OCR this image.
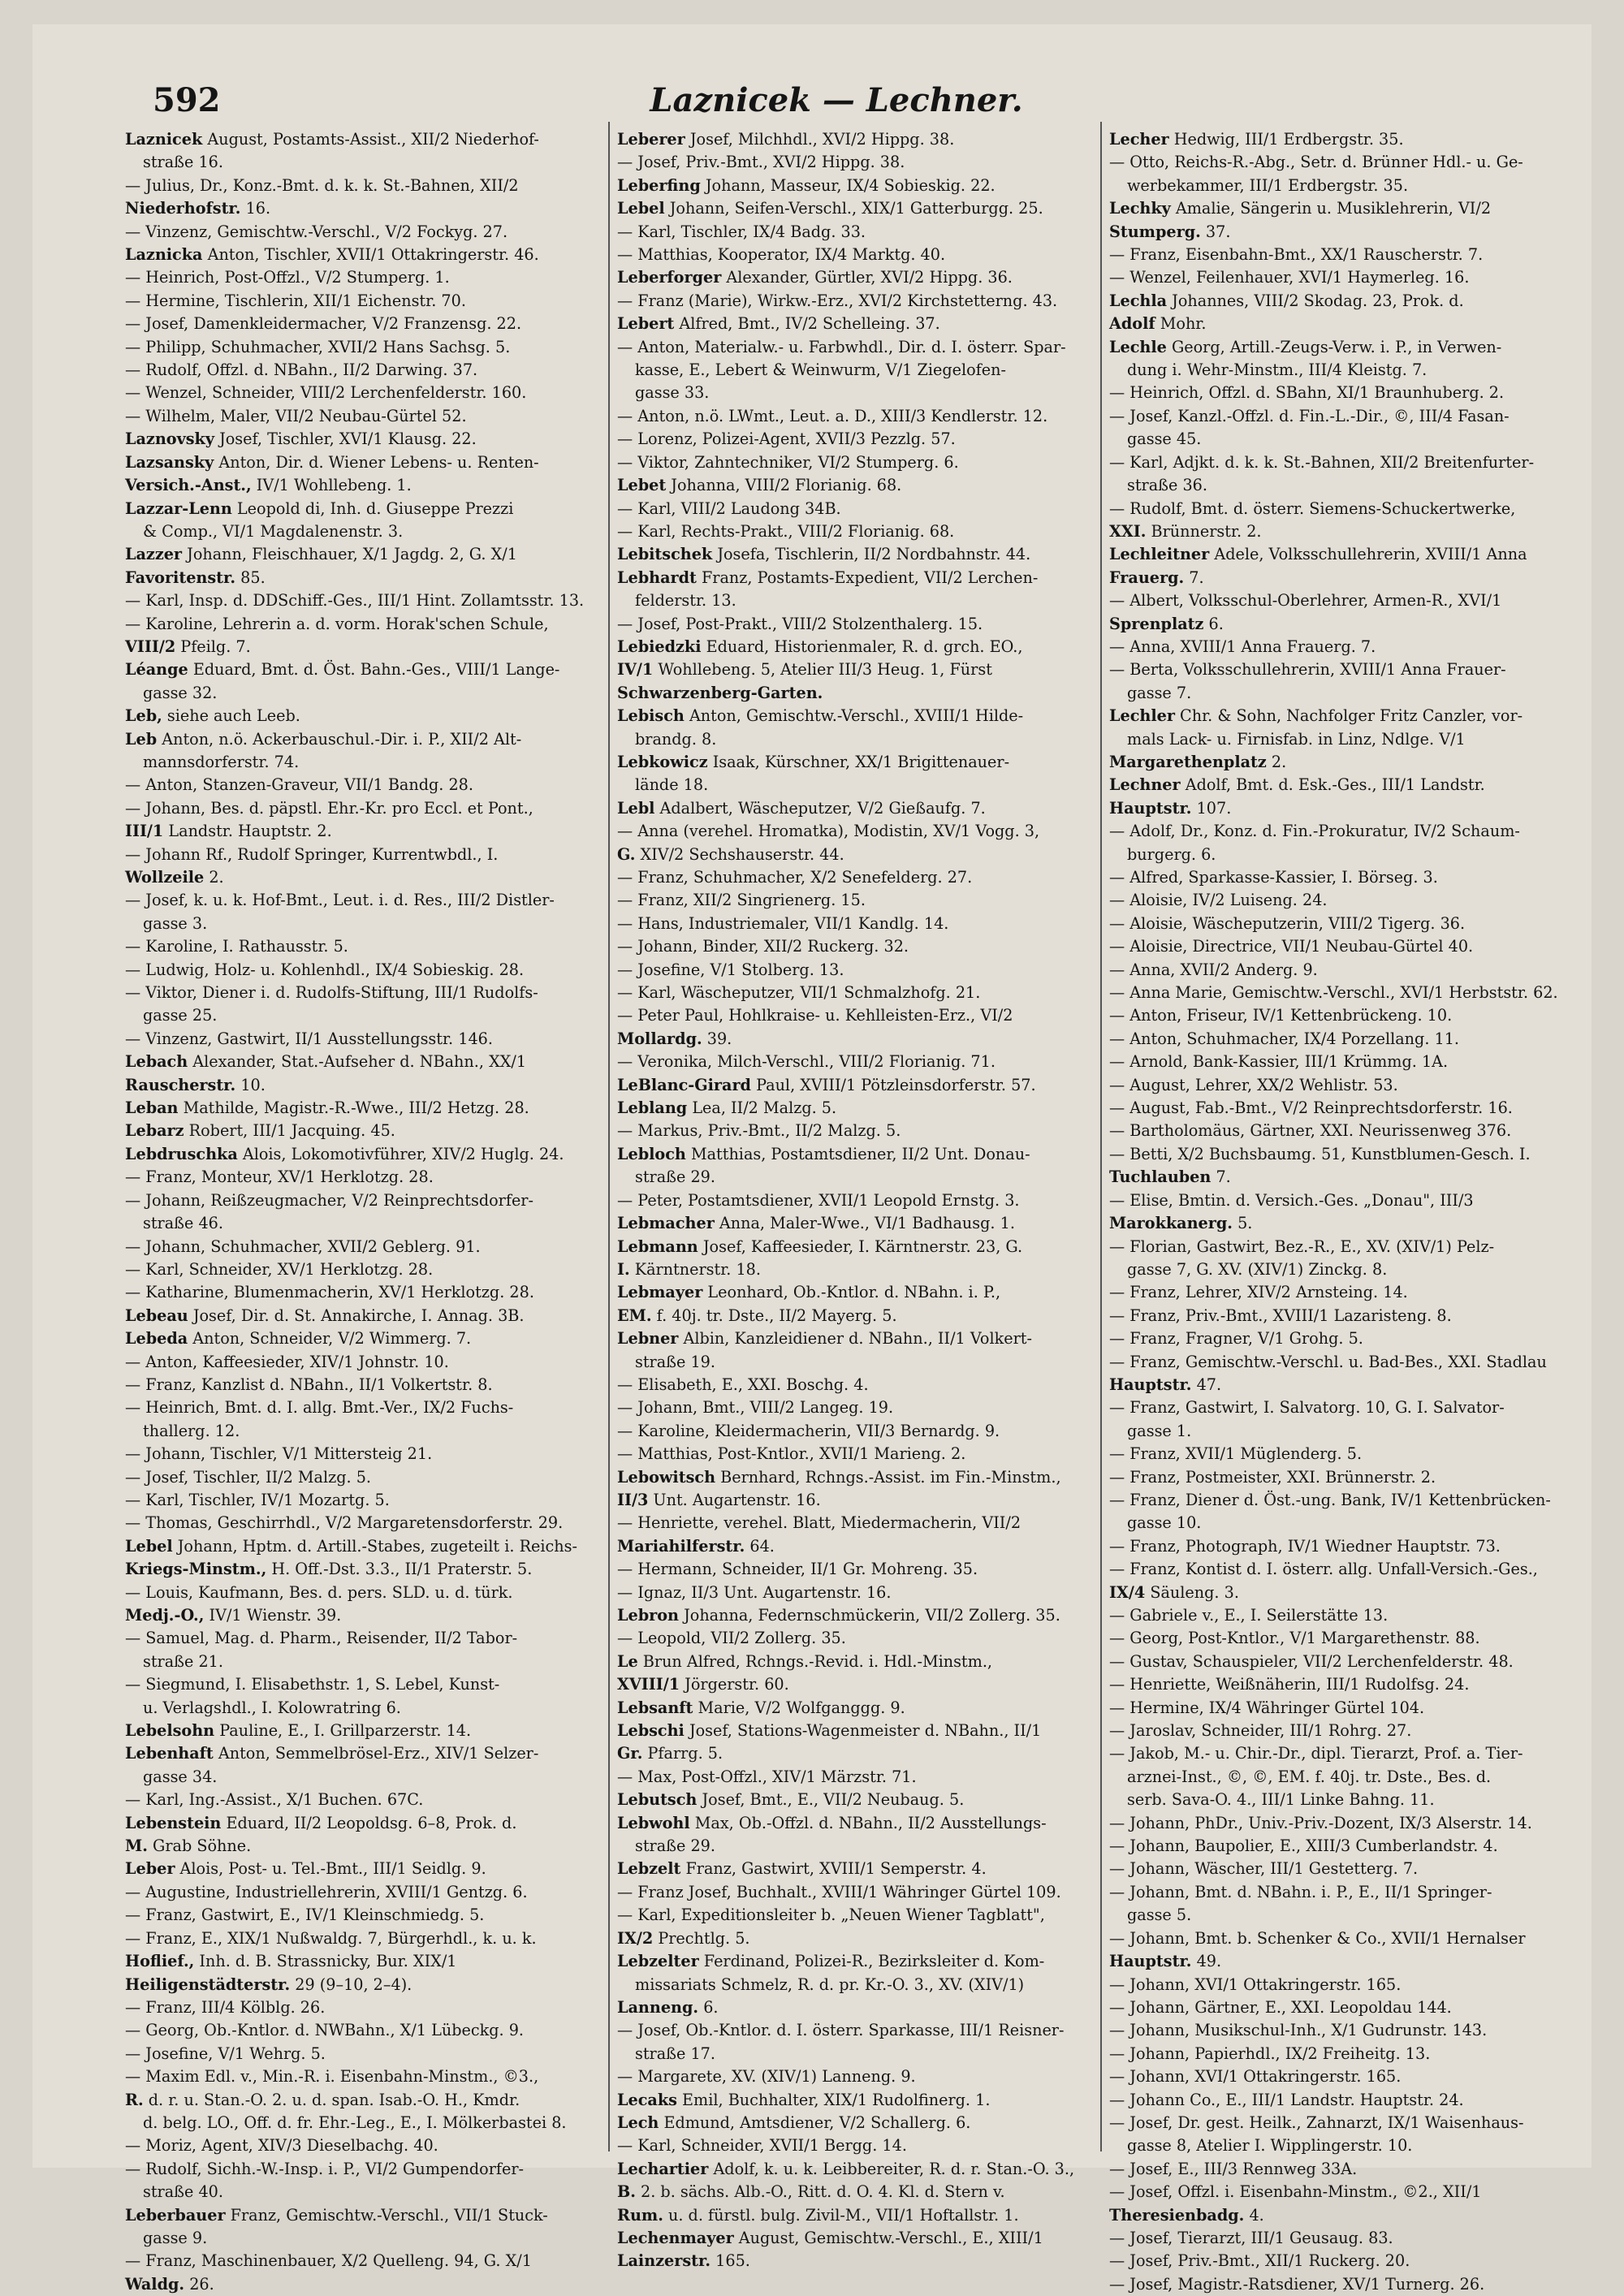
592	Laznicek — Lechner.
Laznicek August, Postamts-Assist., XII/2 Niederhof-
straße 16.
— Julius, Dr., Konz.-Bmt. d. k. k. St.-Bahnen, XII/2
Niederhofstr. 16.
— Vinzenz, Gemischtw.-Verschl., V/2 Fockyg. 27.
Laznicka Anton, Tischler, XVII/1 Ottakringerstr. 46.
— Heinrich, Post-Offzl., V/2 Stumperg. 1.
— Hermine, Tischlerin, XII/1 Eichenstr. 70.
— Josef, Damenkleidermacher, V/2 Franzensg. 22.
— Philipp, Schuhmacher, XVII/2 Hans Sachsg. 5.
— Rudolf, Offzl. d. NBahn., II/2 Darwing. 37.
— Wenzel, Schneider, VIII/2 Lerchenfelderstr. 160.
— Wilhelm, Maler, VII/2 Neubau-Gürtel 52.
Laznovsky Josef, Tischler, XVI/1 Klausg. 22.
Lazsansky Anton, Dir. d. Wiener Lebens- u. Renten-
Versich.-Anst., IV/1 Wohllebeng. 1.
Lazzar-Lenn Leopold di, Inh. d. Giuseppe Prezzi
& Comp., VI/1 Magdalenenstr. 3.
Lazzer Johann, Fleischhauer, X/1 Jagdg. 2, G. X/1
Favoritenstr. 85.
— Karl, Insp. d. DDSchiff.-Ges., III/1 Hint. Zollamtsstr. 13.
— Karoline, Lehrerin a. d. vorm. Horak'schen Schule,
VIII/2 Pfeilg. 7.
Léange Eduard, Bmt. d. Öst. Bahn.-Ges., VIII/1 Lange-
gasse 32.
Leb, siehe auch Leeb.
Leb Anton, n.ö. Ackerbauschul.-Dir. i. P., XII/2 Alt-
mannsdorferstr. 74.
— Anton, Stanzen-Graveur, VII/1 Bandg. 28.
— Johann, Bes. d. päpstl. Ehr.-Kr. pro Eccl. et Pont.,
III/1 Landstr. Hauptstr. 2.
— Johann Rf., Rudolf Springer, Kurrentwbdl., I.
Wollzeile 2.
— Josef, k. u. k. Hof-Bmt., Leut. i. d. Res., III/2 Distler-
gasse 3.
— Karoline, I. Rathausstr. 5.
— Ludwig, Holz- u. Kohlenhdl., IX/4 Sobieskig. 28.
— Viktor, Diener i. d. Rudolfs-Stiftung, III/1 Rudolfs-
gasse 25.
— Vinzenz, Gastwirt, II/1 Ausstellungsstr. 146.
Lebach Alexander, Stat.-Aufseher d. NBahn., XX/1
Rauscherstr. 10.
Leban Mathilde, Magistr.-R.-Wwe., III/2 Hetzg. 28.
Lebarz Robert, III/1 Jacquing. 45.
Lebdruschka Alois, Lokomotivführer, XIV/2 Huglg. 24.
— Franz, Monteur, XV/1 Herklotzg. 28.
— Johann, Reißzeugmacher, V/2 Reinprechtsdorfer-
straße 46.
— Johann, Schuhmacher, XVII/2 Geblerg. 91.
— Karl, Schneider, XV/1 Herklotzg. 28.
— Katharine, Blumenmacherin, XV/1 Herklotzg. 28.
Lebeau Josef, Dir. d. St. Annakirche, I. Annag. 3B.
Lebeda Anton, Schneider, V/2 Wimmerg. 7.
— Anton, Kaffeesieder, XIV/1 Johnstr. 10.
— Franz, Kanzlist d. NBahn., II/1 Volkertstr. 8.
— Heinrich, Bmt. d. I. allg. Bmt.-Ver., IX/2 Fuchs-
thallerg. 12.
— Johann, Tischler, V/1 Mittersteig 21.
— Josef, Tischler, II/2 Malzg. 5.
— Karl, Tischler, IV/1 Mozartg. 5.
— Thomas, Geschirrhdl., V/2 Margaretensdorferstr. 29.
Lebel Johann, Hptm. d. Artill.-Stabes, zugeteilt i. Reichs-
Kriegs-Minstm., H. Off.-Dst. 3.3., II/1 Praterstr. 5.
— Louis, Kaufmann, Bes. d. pers. SLD. u. d. türk.
Medj.-O., IV/1 Wienstr. 39.
— Samuel, Mag. d. Pharm., Reisender, II/2 Tabor-
straße 21.
— Siegmund, I. Elisabethstr. 1, S. Lebel, Kunst-
u. Verlagshdl., I. Kolowratring 6.
Lebelsohn Pauline, E., I. Grillparzerstr. 14.
Lebenhaft Anton, Semmelbrösel-Erz., XIV/1 Selzer-
gasse 34.
— Karl, Ing.-Assist., X/1 Buchen. 67C.
Lebenstein Eduard, II/2 Leopoldsg. 6–8, Prok. d.
M. Grab Söhne.
Leber Alois, Post- u. Tel.-Bmt., III/1 Seidlg. 9.
— Augustine, Industriellehrerin, XVIII/1 Gentzg. 6.
— Franz, Gastwirt, E., IV/1 Kleinschmiedg. 5.
— Franz, E., XIX/1 Nußwaldg. 7, Bürgerhdl., k. u. k.
Hoflief., Inh. d. B. Strassnicky, Bur. XIX/1
Heiligenstädterstr. 29 (9–10, 2–4).
— Franz, III/4 Kölblg. 26.
— Georg, Ob.-Kntlor. d. NWBahn., X/1 Lübeckg. 9.
— Josefine, V/1 Wehrg. 5.
— Maxim Edl. v., Min.-R. i. Eisenbahn-Minstm., ©3.,
R. d. r. u. Stan.-O. 2. u. d. span. Isab.-O. H., Kmdr.
d. belg. LO., Off. d. fr. Ehr.-Leg., E., I. Mölkerbastei 8.
— Moriz, Agent, XIV/3 Dieselbachg. 40.
— Rudolf, Sichh.-W.-Insp. i. P., VI/2 Gumpendorfer-
straße 40.
Leberbauer Franz, Gemischtw.-Verschl., VII/1 Stuck-
gasse 9.
— Franz, Maschinenbauer, X/2 Quelleng. 94, G. X/1
Waldg. 26.
Leberer Josef, Milchhdl., XVI/2 Hippg. 38.
— Josef, Priv.-Bmt., XVI/2 Hippg. 38.
Leberfing Johann, Masseur, IX/4 Sobieskig. 22.
Lebel Johann, Seifen-Verschl., XIX/1 Gatterburgg. 25.
— Karl, Tischler, IX/4 Badg. 33.
— Matthias, Kooperator, IX/4 Marktg. 40.
Leberforger Alexander, Gürtler, XVI/2 Hippg. 36.
— Franz (Marie), Wirkw.-Erz., XVI/2 Kirchstetterng. 43.
Lebert Alfred, Bmt., IV/2 Schelleing. 37.
— Anton, Materialw.- u. Farbwhdl., Dir. d. I. österr. Spar-
kasse, E., Lebert & Weinwurm, V/1 Ziegelofen-
gasse 33.
— Anton, n.ö. LWmt., Leut. a. D., XIII/3 Kendlerstr. 12.
— Lorenz, Polizei-Agent, XVII/3 Pezzlg. 57.
— Viktor, Zahntechniker, VI/2 Stumperg. 6.
Lebet Johanna, VIII/2 Florianig. 68.
— Karl, VIII/2 Laudong 34B.
— Karl, Rechts-Prakt., VIII/2 Florianig. 68.
Lebitschek Josefa, Tischlerin, II/2 Nordbahnstr. 44.
Lebhardt Franz, Postamts-Expedient, VII/2 Lerchen-
felderstr. 13.
— Josef, Post-Prakt., VIII/2 Stolzenthalerg. 15.
Lebiedzki Eduard, Historienmaler, R. d. grch. EO.,
IV/1 Wohllebeng. 5, Atelier III/3 Heug. 1, Fürst
Schwarzenberg-Garten.
Lebisch Anton, Gemischtw.-Verschl., XVIII/1 Hilde-
brandg. 8.
Lebkowicz Isaak, Kürschner, XX/1 Brigittenauer-
lände 18.
Lebl Adalbert, Wäscheputzer, V/2 Gießaufg. 7.
— Anna (verehel. Hromatka), Modistin, XV/1 Vogg. 3,
G. XIV/2 Sechshauserstr. 44.
— Franz, Schuhmacher, X/2 Senefelderg. 27.
— Franz, XII/2 Singrienerg. 15.
— Hans, Industriemaler, VII/1 Kandlg. 14.
— Johann, Binder, XII/2 Ruckerg. 32.
— Josefine, V/1 Stolberg. 13.
— Karl, Wäscheputzer, VII/1 Schmalzhofg. 21.
— Peter Paul, Hohlkraise- u. Kehlleisten-Erz., VI/2
Mollardg. 39.
— Veronika, Milch-Verschl., VIII/2 Florianig. 71.
LeBlanc-Girard Paul, XVIII/1 Pötzleinsdorferstr. 57.
Leblang Lea, II/2 Malzg. 5.
— Markus, Priv.-Bmt., II/2 Malzg. 5.
Lebloch Matthias, Postamtsdiener, II/2 Unt. Donau-
straße 29.
— Peter, Postamtsdiener, XVII/1 Leopold Ernstg. 3.
Lebmacher Anna, Maler-Wwe., VI/1 Badhausg. 1.
Lebmann Josef, Kaffeesieder, I. Kärntnerstr. 23, G.
I. Kärntnerstr. 18.
Lebmayer Leonhard, Ob.-Kntlor. d. NBahn. i. P.,
EM. f. 40j. tr. Dste., II/2 Mayerg. 5.
Lebner Albin, Kanzleidiener d. NBahn., II/1 Volkert-
straße 19.
— Elisabeth, E., XXI. Boschg. 4.
— Johann, Bmt., VIII/2 Langeg. 19.
— Karoline, Kleidermacherin, VII/3 Bernardg. 9.
— Matthias, Post-Kntlor., XVII/1 Marieng. 2.
Lebowitsch Bernhard, Rchngs.-Assist. im Fin.-Minstm.,
II/3 Unt. Augartenstr. 16.
— Henriette, verehel. Blatt, Miedermacherin, VII/2
Mariahilferstr. 64.
— Hermann, Schneider, II/1 Gr. Mohreng. 35.
— Ignaz, II/3 Unt. Augartenstr. 16.
Lebron Johanna, Federnschmückerin, VII/2 Zollerg. 35.
— Leopold, VII/2 Zollerg. 35.
Le Brun Alfred, Rchngs.-Revid. i. Hdl.-Minstm.,
XVIII/1 Jörgerstr. 60.
Lebsanft Marie, V/2 Wolfganggg. 9.
Lebschi Josef, Stations-Wagenmeister d. NBahn., II/1
Gr. Pfarrg. 5.
— Max, Post-Offzl., XIV/1 Märzstr. 71.
Lebutsch Josef, Bmt., E., VII/2 Neubaug. 5.
Lebwohl Max, Ob.-Offzl. d. NBahn., II/2 Ausstellungs-
straße 29.
Lebzelt Franz, Gastwirt, XVIII/1 Semperstr. 4.
— Franz Josef, Buchhalt., XVIII/1 Währinger Gürtel 109.
— Karl, Expeditionsleiter b. „Neuen Wiener Tagblatt",
IX/2 Prechtlg. 5.
Lebzelter Ferdinand, Polizei-R., Bezirksleiter d. Kom-
missariats Schmelz, R. d. pr. Kr.-O. 3., XV. (XIV/1)
Lanneng. 6.
— Josef, Ob.-Kntlor. d. I. österr. Sparkasse, III/1 Reisner-
straße 17.
— Margarete, XV. (XIV/1) Lanneng. 9.
Lecaks Emil, Buchhalter, XIX/1 Rudolfinerg. 1.
Lech Edmund, Amtsdiener, V/2 Schallerg. 6.
— Karl, Schneider, XVII/1 Bergg. 14.
Lechartier Adolf, k. u. k. Leibbereiter, R. d. r. Stan.-O. 3.,
B. 2. b. sächs. Alb.-O., Ritt. d. O. 4. Kl. d. Stern v.
Rum. u. d. fürstl. bulg. Zivil-M., VII/1 Hoftallstr. 1.
Lechenmayer August, Gemischtw.-Verschl., E., XIII/1
Lainzerstr. 165.
Lecher Hedwig, III/1 Erdbergstr. 35.
— Otto, Reichs-R.-Abg., Setr. d. Brünner Hdl.- u. Ge-
werbekammer, III/1 Erdbergstr. 35.
Lechky Amalie, Sängerin u. Musiklehrerin, VI/2
Stumperg. 37.
— Franz, Eisenbahn-Bmt., XX/1 Rauscherstr. 7.
— Wenzel, Feilenhauer, XVI/1 Haymerleg. 16.
Lechla Johannes, VIII/2 Skodag. 23, Prok. d.
Adolf Mohr.
Lechle Georg, Artill.-Zeugs-Verw. i. P., in Verwen-
dung i. Wehr-Minstm., III/4 Kleistg. 7.
— Heinrich, Offzl. d. SBahn, XI/1 Braunhuberg. 2.
— Josef, Kanzl.-Offzl. d. Fin.-L.-Dir., ©, III/4 Fasan-
gasse 45.
— Karl, Adjkt. d. k. k. St.-Bahnen, XII/2 Breitenfurter-
straße 36.
— Rudolf, Bmt. d. österr. Siemens-Schuckertwerke,
XXI. Brünnerstr. 2.
Lechleitner Adele, Volksschullehrerin, XVIII/1 Anna
Frauerg. 7.
— Albert, Volksschul-Oberlehrer, Armen-R., XVI/1
Sprenplatz 6.
— Anna, XVIII/1 Anna Frauerg. 7.
— Berta, Volksschullehrerin, XVIII/1 Anna Frauer-
gasse 7.
Lechler Chr. & Sohn, Nachfolger Fritz Canzler, vor-
mals Lack- u. Firnisfab. in Linz, Ndlge. V/1
Margarethenplatz 2.
Lechner Adolf, Bmt. d. Esk.-Ges., III/1 Landstr.
Hauptstr. 107.
— Adolf, Dr., Konz. d. Fin.-Prokuratur, IV/2 Schaum-
burgerg. 6.
— Alfred, Sparkasse-Kassier, I. Börseg. 3.
— Aloisie, IV/2 Luiseng. 24.
— Aloisie, Wäscheputzerin, VIII/2 Tigerg. 36.
— Aloisie, Directrice, VII/1 Neubau-Gürtel 40.
— Anna, XVII/2 Anderg. 9.
— Anna Marie, Gemischtw.-Verschl., XVI/1 Herbststr. 62.
— Anton, Friseur, IV/1 Kettenbrückeng. 10.
— Anton, Schuhmacher, IX/4 Porzellang. 11.
— Arnold, Bank-Kassier, III/1 Krümmg. 1A.
— August, Lehrer, XX/2 Wehlistr. 53.
— August, Fab.-Bmt., V/2 Reinprechtsdorferstr. 16.
— Bartholomäus, Gärtner, XXI. Neurissenweg 376.
— Betti, X/2 Buchsbaumg. 51, Kunstblumen-Gesch. I.
Tuchlauben 7.
— Elise, Bmtin. d. Versich.-Ges. „Donau", III/3
Marokkanerg. 5.
— Florian, Gastwirt, Bez.-R., E., XV. (XIV/1) Pelz-
gasse 7, G. XV. (XIV/1) Zinckg. 8.
— Franz, Lehrer, XIV/2 Arnsteing. 14.
— Franz, Priv.-Bmt., XVIII/1 Lazaristeng. 8.
— Franz, Fragner, V/1 Grohg. 5.
— Franz, Gemischtw.-Verschl. u. Bad-Bes., XXI. Stadlau
Hauptstr. 47.
— Franz, Gastwirt, I. Salvatorg. 10, G. I. Salvator-
gasse 1.
— Franz, XVII/1 Müglenderg. 5.
— Franz, Postmeister, XXI. Brünnerstr. 2.
— Franz, Diener d. Öst.-ung. Bank, IV/1 Kettenbrücken-
gasse 10.
— Franz, Photograph, IV/1 Wiedner Hauptstr. 73.
— Franz, Kontist d. I. österr. allg. Unfall-Versich.-Ges.,
IX/4 Säuleng. 3.
— Gabriele v., E., I. Seilerstätte 13.
— Georg, Post-Kntlor., V/1 Margarethenstr. 88.
— Gustav, Schauspieler, VII/2 Lerchenfelderstr. 48.
— Henriette, Weißnäherin, III/1 Rudolfsg. 24.
— Hermine, IX/4 Währinger Gürtel 104.
— Jaroslav, Schneider, III/1 Rohrg. 27.
— Jakob, M.- u. Chir.-Dr., dipl. Tierarzt, Prof. a. Tier-
arznei-Inst., ©, ©, EM. f. 40j. tr. Dste., Bes. d.
serb. Sava-O. 4., III/1 Linke Bahng. 11.
— Johann, PhDr., Univ.-Priv.-Dozent, IX/3 Alserstr. 14.
— Johann, Baupolier, E., XIII/3 Cumberlandstr. 4.
— Johann, Wäscher, III/1 Gestetterg. 7.
— Johann, Bmt. d. NBahn. i. P., E., II/1 Springer-
gasse 5.
— Johann, Bmt. b. Schenker & Co., XVII/1 Hernalser
Hauptstr. 49.
— Johann, XVI/1 Ottakringerstr. 165.
— Johann, Gärtner, E., XXI. Leopoldau 144.
— Johann, Musikschul-Inh., X/1 Gudrunstr. 143.
— Johann, Papierhdl., IX/2 Freiheitg. 13.
— Johann, XVI/1 Ottakringerstr. 165.
— Johann Co., E., III/1 Landstr. Hauptstr. 24.
— Josef, Dr. gest. Heilk., Zahnarzt, IX/1 Waisenhaus-
gasse 8, Atelier I. Wipplingerstr. 10.
— Josef, E., III/3 Rennweg 33A.
— Josef, Offzl. i. Eisenbahn-Minstm., ©2., XII/1
Theresienbadg. 4.
— Josef, Tierarzt, III/1 Geusaug. 83.
— Josef, Priv.-Bmt., XII/1 Ruckerg. 20.
— Josef, Magistr.-Ratsdiener, XV/1 Turnerg. 26.
